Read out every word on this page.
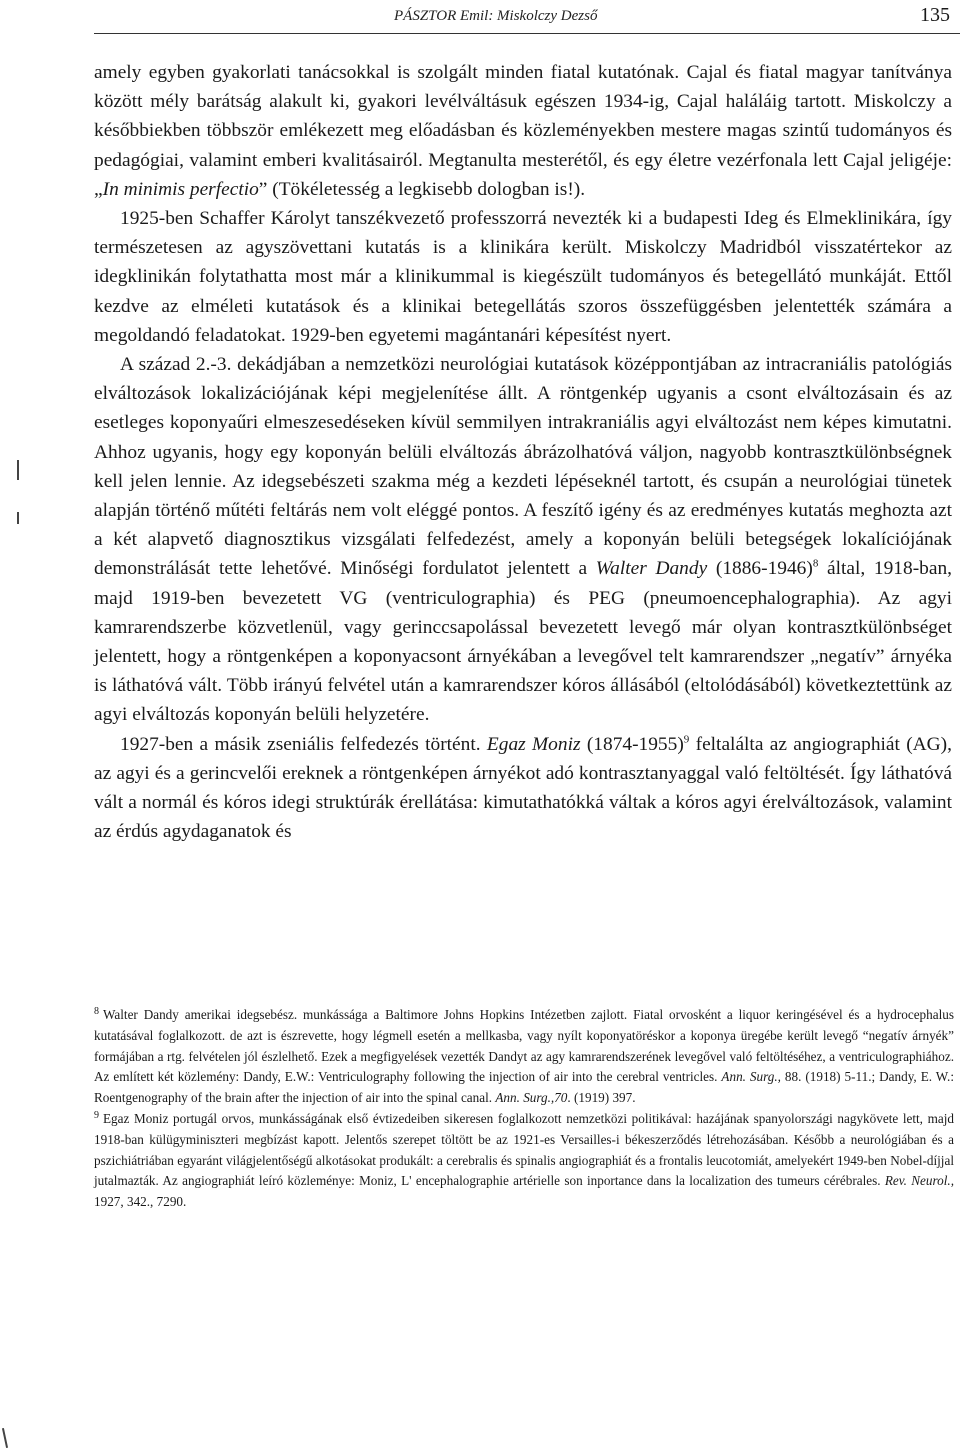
PÁSZTOR Emil: Miskolczy Dezső	135

amely egyben gyakorlati tanácsokkal is szolgált minden fiatal kutatónak. Cajal és fiatal magyar tanítványa között mély barátság alakult ki, gyakori levélváltásuk egészen 1934-ig, Cajal haláláig tartott. Miskolczy a későbbiekben többször emlékezett meg előadásban és közleményekben mestere magas szintű tudományos és pedagógiai, valamint emberi kvalitásairól. Megtanulta mesterétől, és egy életre vezérfonala lett Cajal jeligéje: „In minimis perfectio” (Tökéletesség a legkisebb dologban is!).

1925-ben Schaffer Károlyt tanszékvezető professzorrá nevezték ki a budapesti Ideg és Elmeklinikára, így természetesen az agyszövettani kutatás is a klinikára került. Miskolczy Madridból visszatértekor az idegklinikán folytathatta most már a klinikummal is kiegészült tudományos és betegellátó munkáját. Ettől kezdve az elméleti kutatások és a klinikai betegellátás szoros összefüggésben jelentették számára a megoldandó feladatokat. 1929-ben egyetemi magántanári képesítést nyert.

A század 2.-3. dekádjában a nemzetközi neurológiai kutatások középpontjában az intracraniális patológiás elváltozások lokalizációjának képi megjelenítése állt. A röntgenkép ugyanis a csont elváltozásain és az esetleges koponyaűri elmeszesedéseken kívül semmilyen intrakraniális agyi elváltozást nem képes kimutatni. Ahhoz ugyanis, hogy egy koponyán belüli elváltozás ábrázolhatóvá váljon, nagyobb kontrasztkülönbségnek kell jelen lennie. Az idegsebészeti szakma még a kezdeti lépéseknél tartott, és csupán a neurológiai tünetek alapján történő műtéti feltárás nem volt eléggé pontos. A feszítő igény és az eredményes kutatás meghozta azt a két alapvető diagnosztikus vizsgálati felfedezést, amely a koponyán belüli betegségek lokalíciójának demonstrálását tette lehetővé. Minőségi fordulatot jelentett a Walter Dandy (1886-1946)$^8$ által, 1918-ban, majd 1919-ben bevezetett VG (ventriculographia) és PEG (pneumoencephalographia). Az agyi kamrarendszerbe közvetlenül, vagy gerinccsapolással bevezetett levegő már olyan kontrasztkülönbséget jelentett, hogy a röntgenképen a koponyacsont árnyékában a levegővel telt kamrarendszer „negatív” árnyéka is láthatóvá vált. Több irányú felvétel után a kamrarendszer kóros állásából (eltolódásából) következtettünk az agyi elváltozás koponyán belüli helyzetére.

1927-ben a másik zseniális felfedezés történt. Egaz Moniz (1874-1955)$^9$ feltalálta az angiographiát (AG), az agyi és a gerincvelői ereknek a röntgenképen árnyékot adó kontrasztanyaggal való feltöltését. Így láthatóvá vált a normál és kóros idegi struktúrák érellátása: kimutathatókká váltak a kóros agyi érelváltozások, valamint az érdús agydaganatok és

$^8$ Walter Dandy amerikai idegsebész. munkássága a Baltimore Johns Hopkins Intézetben zajlott. Fiatal orvosként a liquor keringésével és a hydrocephalus kutatásával foglalkozott. de azt is észrevette, hogy légmell esetén a mellkasba, vagy nyílt koponyatöréskor a koponya üregébe került levegő “negatív árnyék” formájában a rtg. felvételen jól észlelhető. Ezek a megfigyelések vezették Dandyt az agy kamrarendszerének levegővel való feltöltéséhez, a ventriculographiához. Az említett két közlemény: Dandy, E.W.: Ventriculography following the injection of air into the cerebral ventricles. Ann. Surg., 88. (1918) 5-11.; Dandy, E. W.: Roentgenography of the brain after the injection of air into the spinal canal. Ann. Surg.,70. (1919) 397.

$^9$ Egaz Moniz portugál orvos, munkásságának első évtizedeiben sikeresen foglalkozott nemzetközi politikával: hazájának spanyolországi nagykövete lett, majd 1918-ban külügyminiszteri megbízást kapott. Jelentős szerepet töltött be az 1921-es Versailles-i békeszerződés létrehozásában. Később a neurológiában és a pszichiátriában egyaránt világjelentőségű alkotásokat produkált: a cerebralis és spinalis angiographiát és a frontalis leucotomiát, amelyekért 1949-ben Nobel-díjjal jutalmazták. Az angiographiát leíró közleménye: Moniz, L' encephalographie artérielle son inportance dans la localization des tumeurs cérébrales. Rev. Neurol., 1927, 342., 7290.
